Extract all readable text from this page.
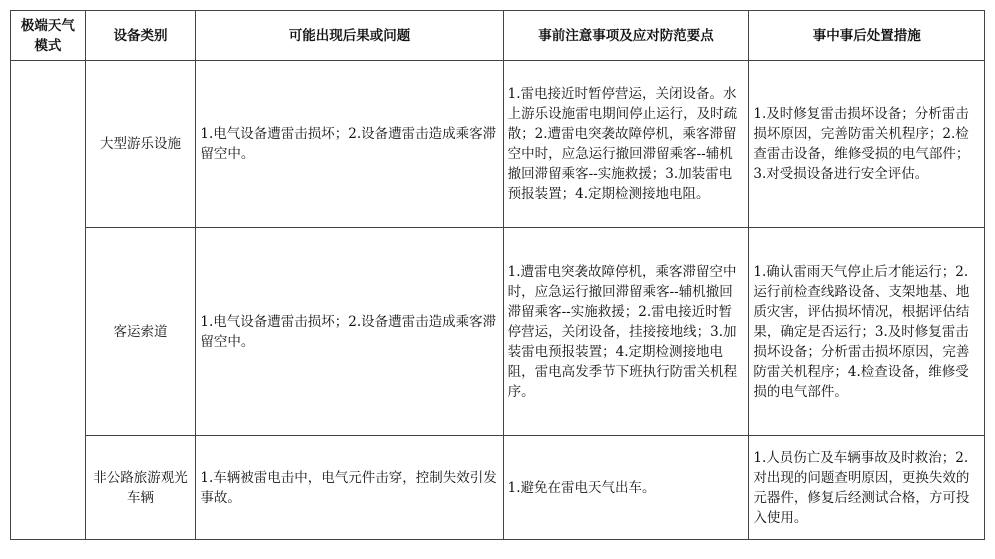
极端天气模式	设备类别	可能出现后果或问题	事前注意事项及应对防范要点	事中事后处置措施
	大型游乐设施	1.电气设备遭雷击损坏；2.设备遭雷击造成乘客滞留空中。	1.雷电接近时暂停营运，关闭设备。水上游乐设施雷电期间停止运行，及时疏散；2.遭雷电突袭故障停机，乘客滞留空中时，应急运行撤回滞留乘客--辅机撤回滞留乘客--实施救援；3.加装雷电预报装置；4.定期检测接地电阻。	1.及时修复雷击损坏设备；分析雷击损坏原因，完善防雷关机程序；2.检查雷击设备，维修受损的电气部件；3.对受损设备进行安全评估。
	客运索道	1.电气设备遭雷击损坏；2.设备遭雷击造成乘客滞留空中。	1.遭雷电突袭故障停机，乘客滞留空中时，应急运行撤回滞留乘客--辅机撤回滞留乘客--实施救援；2.雷电接近时暂停营运，关闭设备，挂接接地线；3.加装雷电预报装置；4.定期检测接地电阻，雷电高发季节下班执行防雷关机程序。	1.确认雷雨天气停止后才能运行；2.运行前检查线路设备、支架地基、地质灾害，评估损坏情况，根据评估结果，确定是否运行；3.及时修复雷击损坏设备；分析雷击损坏原因，完善防雷关机程序；4.检查设备，维修受损的电气部件。
	非公路旅游观光车辆	1.车辆被雷电击中，电气元件击穿，控制失效引发事故。	1.避免在雷电天气出车。	1.人员伤亡及车辆事故及时救治；2.对出现的问题查明原因，更换失效的元器件，修复后经测试合格，方可投入使用。
